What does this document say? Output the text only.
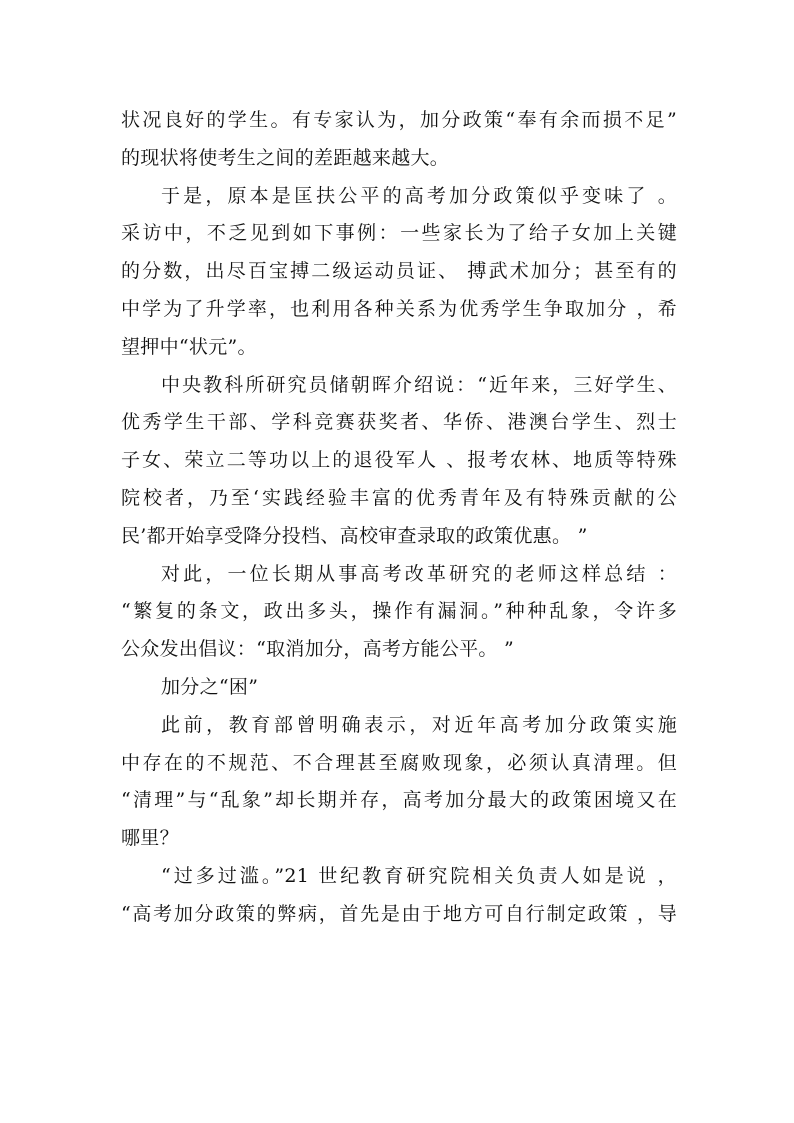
状况良好的学生。有专家认为，加分政策“奉有余而损不足”
的现状将使考生之间的差距越来越大。
于是，原本是匡扶公平的高考加分政策似乎变味了 。
采访中，不乏见到如下事例：一些家长为了给子女加上关键
的分数，出尽百宝搏二级运动员证、 搏武术加分；甚至有的
中学为了升学率，也利用各种关系为优秀学生争取加分 ，希
望押中“状元”。
中央教科所研究员储朝晖介绍说：“近年来，三好学生、
优秀学生干部、学科竞赛获奖者、华侨、港澳台学生、烈士
子女、荣立二等功以上的退役军人 、报考农林、地质等特殊
院校者，乃至‘实践经验丰富的优秀青年及有特殊贡献的公
民’都开始享受降分投档、高校审查录取的政策优惠。 ”
对此，一位长期从事高考改革研究的老师这样总结 ：
“繁复的条文，政出多头，操作有漏洞。”种种乱象，令许多
公众发出倡议：“取消加分，高考方能公平。 ”
加分之“困”
此前，教育部曾明确表示，对近年高考加分政策实施
中存在的不规范、不合理甚至腐败现象，必须认真清理。但
“清理”与“乱象”却长期并存，高考加分最大的政策困境又在
哪里？
“过多过滥。”21 世纪教育研究院相关负责人如是说 ，
“高考加分政策的弊病，首先是由于地方可自行制定政策 ，导
